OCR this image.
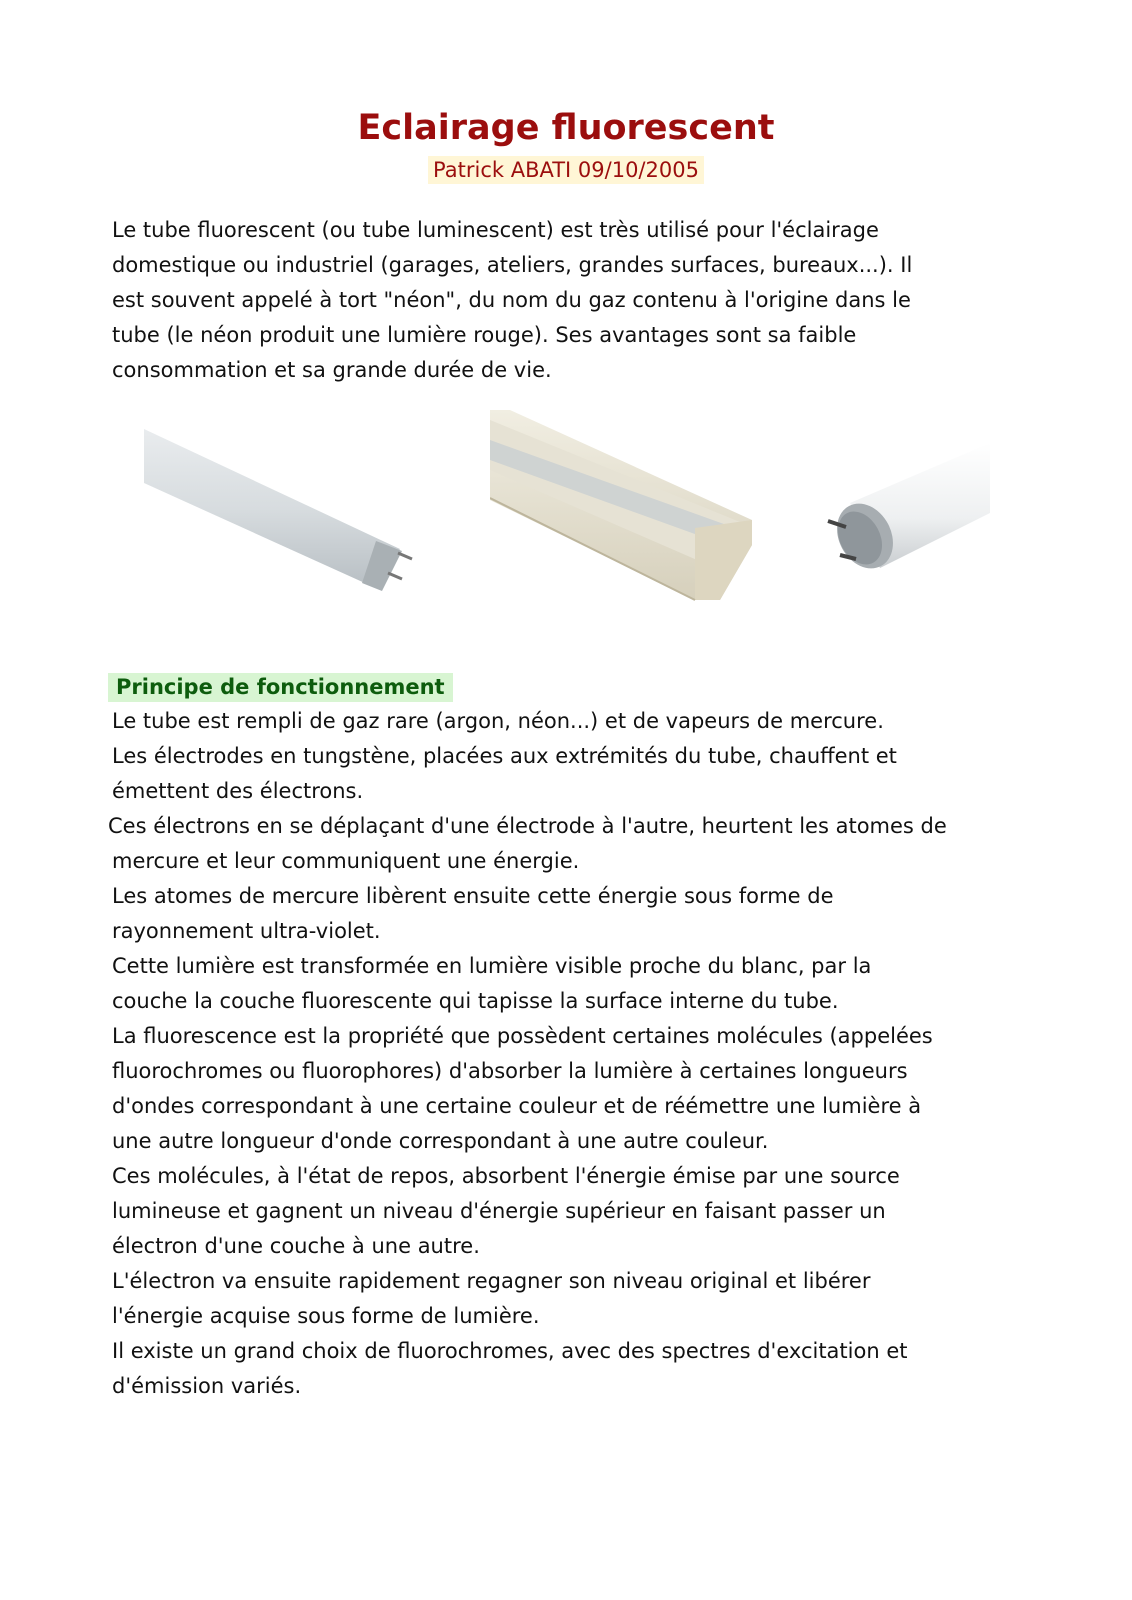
Eclairage fluorescent
Patrick ABATI 09/10/2005
Le tube fluorescent (ou tube luminescent) est très utilisé pour l'éclairage
domestique ou industriel (garages, ateliers, grandes surfaces, bureaux...). Il
est souvent appelé à tort "néon", du nom du gaz contenu à l'origine dans le
tube (le néon produit une lumière rouge). Ses avantages sont sa faible
consommation et sa grande durée de vie.
Principe de fonctionnement
Le tube est rempli de gaz rare (argon, néon...) et de vapeurs de mercure.
Les électrodes en tungstène, placées aux extrémités du tube, chauffent et
émettent des électrons.
Ces électrons en se déplaçant d'une électrode à l'autre, heurtent les atomes de
mercure et leur communiquent une énergie.
Les atomes de mercure libèrent ensuite cette énergie sous forme de
rayonnement ultra-violet.
Cette lumière est transformée en lumière visible proche du blanc, par la
couche la couche fluorescente qui tapisse la surface interne du tube.
La fluorescence est la propriété que possèdent certaines molécules (appelées
fluorochromes ou fluorophores) d'absorber la lumière à certaines longueurs
d'ondes correspondant à une certaine couleur et de réémettre une lumière à
une autre longueur d'onde correspondant à une autre couleur.
Ces molécules, à l'état de repos, absorbent l'énergie émise par une source
lumineuse et gagnent un niveau d'énergie supérieur en faisant passer un
électron d'une couche à une autre.
L'électron va ensuite rapidement regagner son niveau original et libérer
l'énergie acquise sous forme de lumière.
Il existe un grand choix de fluorochromes, avec des spectres d'excitation et
d'émission variés.
